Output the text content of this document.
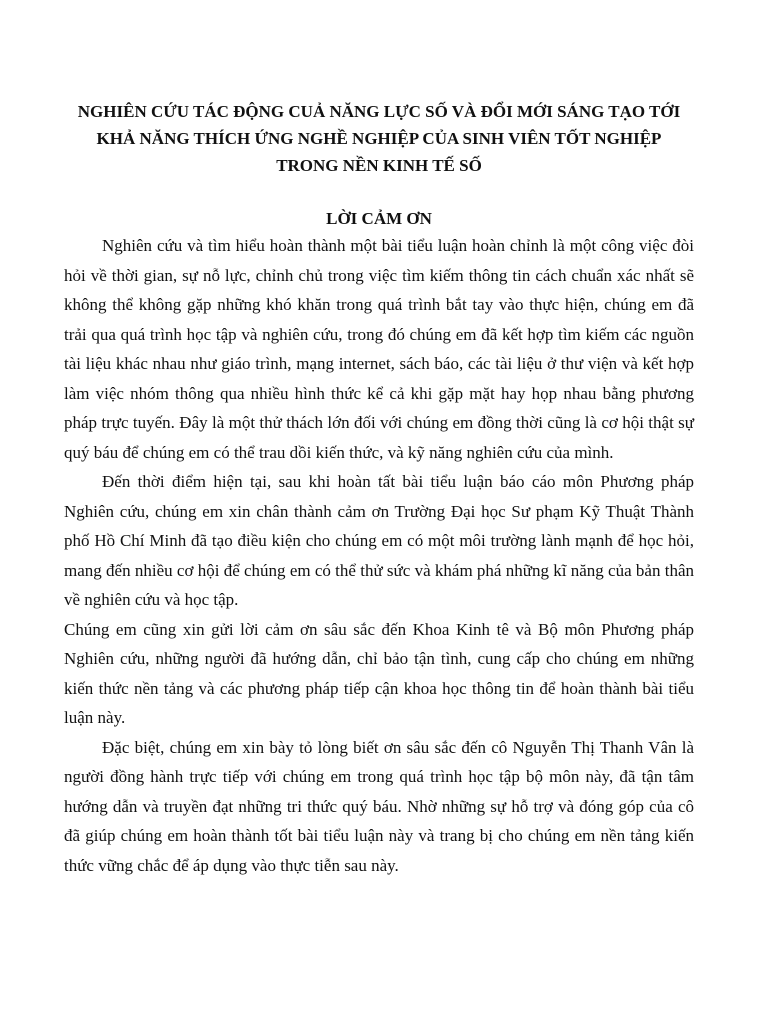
NGHIÊN CỨU TÁC ĐỘNG CUẢ NĂNG LỰC SỐ VÀ ĐỔI MỚI SÁNG TẠO TỚI KHẢ NĂNG THÍCH ỨNG NGHỀ NGHIỆP CỦA SINH VIÊN TỐT NGHIỆP TRONG NỀN KINH TẾ SỐ
LỜI CẢM ƠN

Nghiên cứu và tìm hiểu hoàn thành một bài tiểu luận hoàn chỉnh là một công việc đòi hỏi về thời gian, sự nỗ lực, chỉnh chủ trong việc tìm kiếm thông tin cách chuẩn xác nhất sẽ không thể không gặp những khó khăn trong quá trình bắt tay vào thực hiện, chúng em đã trải qua quá trình học tập và nghiên cứu, trong đó chúng em đã kết hợp tìm kiếm các nguồn tài liệu khác nhau như giáo trình, mạng internet, sách báo, các tài liệu ở thư viện và kết hợp làm việc nhóm thông qua nhiều hình thức kể cả khi gặp mặt hay họp nhau bằng phương pháp trực tuyến. Đây là một thử thách lớn đối với chúng em đồng thời cũng là cơ hội thật sự quý báu để chúng em có thể trau dồi kiến thức, và kỹ năng nghiên cứu của mình.

Đến thời điểm hiện tại, sau khi hoàn tất bài tiểu luận báo cáo môn Phương pháp Nghiên cứu, chúng em xin chân thành cảm ơn Trường Đại học Sư phạm Kỹ Thuật Thành phố Hồ Chí Minh đã tạo điều kiện cho chúng em có một môi trường lành mạnh để học hỏi, mang đến nhiều cơ hội để chúng em có thể thử sức và khám phá những kĩ năng của bản thân về nghiên cứu và học tập.

Chúng em cũng xin gửi lời cảm ơn sâu sắc đến Khoa Kinh tê và Bộ môn Phương pháp Nghiên cứu, những người đã hướng dẫn, chỉ bảo tận tình, cung cấp cho chúng em những kiến thức nền tảng và các phương pháp tiếp cận khoa học thông tin để hoàn thành bài tiểu luận này.

Đặc biệt, chúng em xin bày tỏ lòng biết ơn sâu sắc đến cô Nguyễn Thị Thanh Vân là người đồng hành trực tiếp với chúng em trong quá trình học tập bộ môn này, đã tận tâm hướng dẫn và truyền đạt những tri thức quý báu. Nhờ những sự hỗ trợ và đóng góp của cô đã giúp chúng em hoàn thành tốt bài tiểu luận này và trang bị cho chúng em nền tảng kiến thức vững chắc để áp dụng vào thực tiễn sau này.
